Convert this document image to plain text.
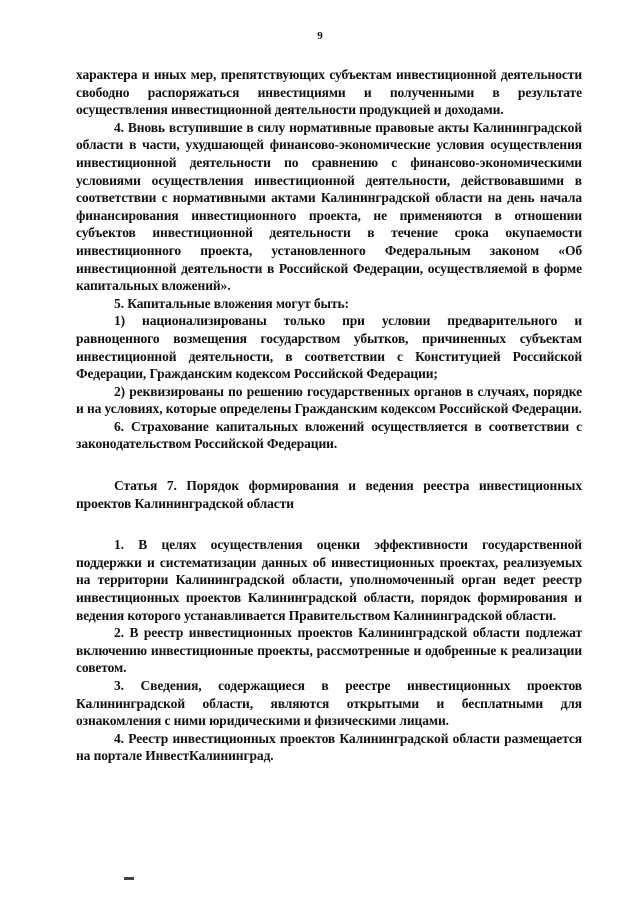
9

характера и иных мер, препятствующих субъектам инвестиционной деятельности свободно распоряжаться инвестициями и полученными в результате осуществления инвестиционной деятельности продукцией и доходами.

4. Вновь вступившие в силу нормативные правовые акты Калининградской области в части, ухудшающей финансово-экономические условия осуществления инвестиционной деятельности по сравнению с финансово-экономическими условиями осуществления инвестиционной деятельности, действовавшими в соответствии с нормативными актами Калининградской области на день начала финансирования инвестиционного проекта, не применяются в отношении субъектов инвестиционной деятельности в течение срока окупаемости инвестиционного проекта, установленного Федеральным законом «Об инвестиционной деятельности в Российской Федерации, осуществляемой в форме капитальных вложений».

5. Капитальные вложения могут быть:

1) национализированы только при условии предварительного и равноценного возмещения государством убытков, причиненных субъектам инвестиционной деятельности, в соответствии с Конституцией Российской Федерации, Гражданским кодексом Российской Федерации;

2) реквизированы по решению государственных органов в случаях, порядке и на условиях, которые определены Гражданским кодексом Российской Федерации.

6. Страхование капитальных вложений осуществляется в соответствии с законодательством Российской Федерации.

Статья 7. Порядок формирования и ведения реестра инвестиционных проектов Калининградской области

1. В целях осуществления оценки эффективности государственной поддержки и систематизации данных об инвестиционных проектах, реализуемых на территории Калининградской области, уполномоченный орган ведет реестр инвестиционных проектов Калининградской области, порядок формирования и ведения которого устанавливается Правительством Калининградской области.

2. В реестр инвестиционных проектов Калининградской области подлежат включению инвестиционные проекты, рассмотренные и одобренные к реализации советом.

3. Сведения, содержащиеся в реестре инвестиционных проектов Калининградской области, являются открытыми и бесплатными для ознакомления с ними юридическими и физическими лицами.

4. Реестр инвестиционных проектов Калининградской области размещается на портале ИнвестКалининград.

▬
